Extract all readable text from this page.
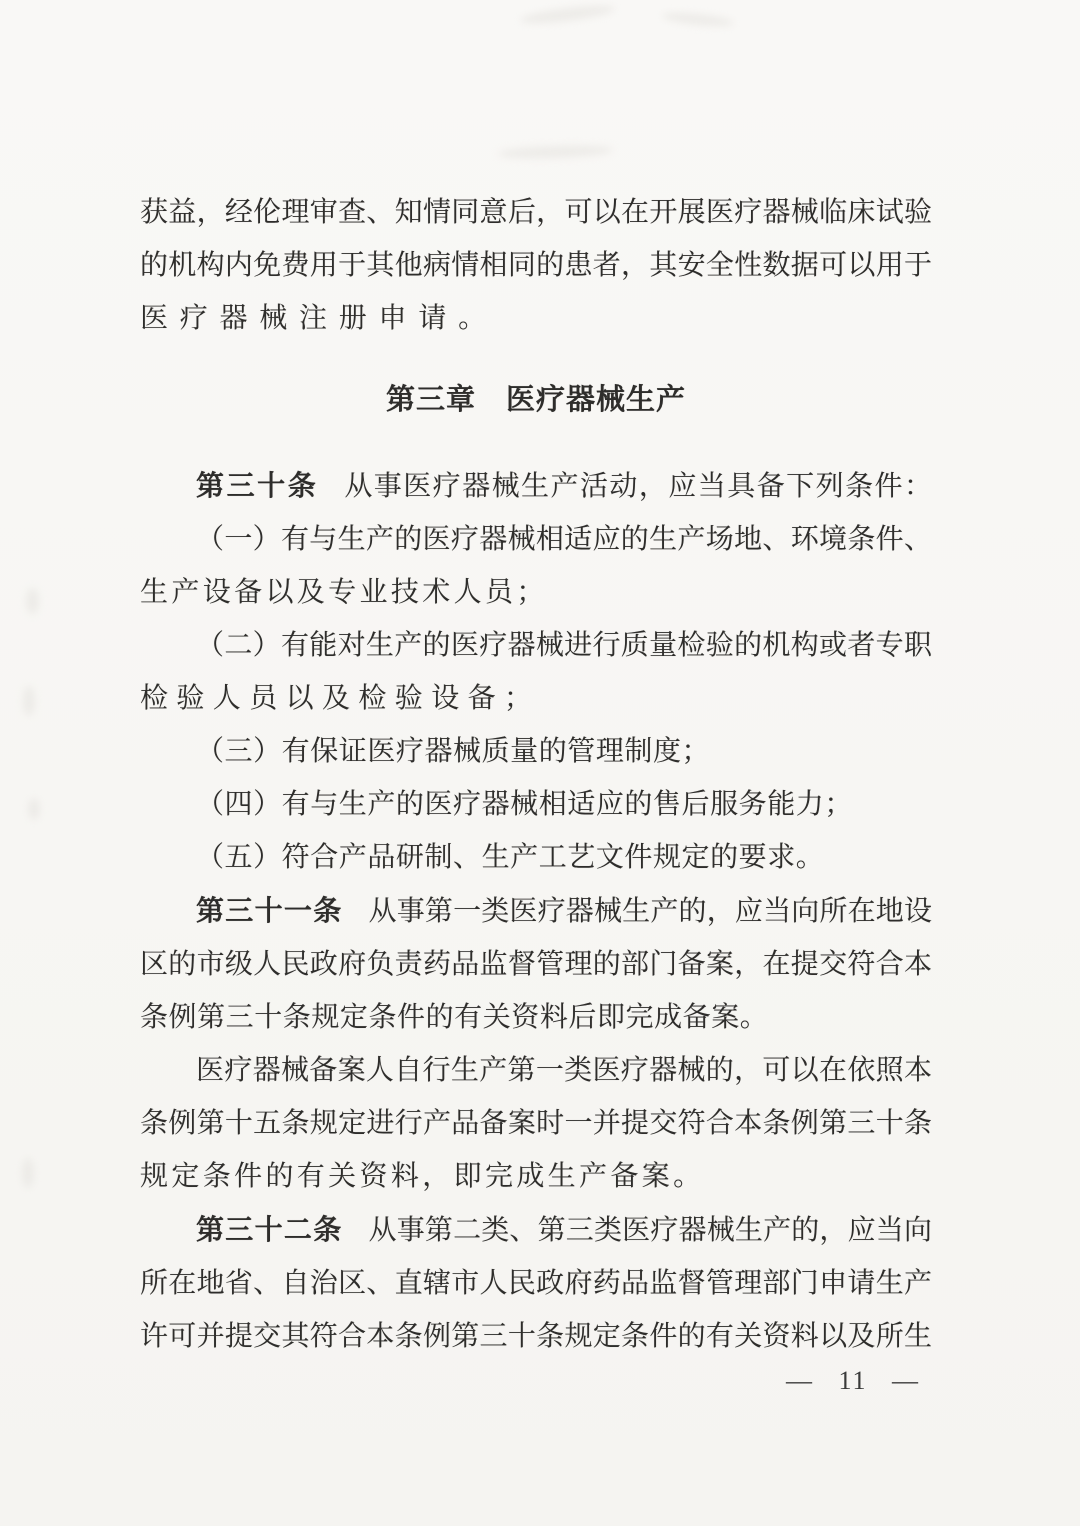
获益，经伦理审查、知情同意后，可以在开展医疗器械临床试验
的机构内免费用于其他病情相同的患者，其安全性数据可以用于
医疗器械注册申请。
第三章　医疗器械生产
第三十条 从事医疗器械生产活动，应当具备下列条件：
（一）有与生产的医疗器械相适应的生产场地、环境条件、
生产设备以及专业技术人员；
（二）有能对生产的医疗器械进行质量检验的机构或者专职
检验人员以及检验设备；
（三）有保证医疗器械质量的管理制度；
（四）有与生产的医疗器械相适应的售后服务能力；
（五）符合产品研制、生产工艺文件规定的要求。
第三十一条 从事第一类医疗器械生产的，应当向所在地设
区的市级人民政府负责药品监督管理的部门备案，在提交符合本
条例第三十条规定条件的有关资料后即完成备案。
医疗器械备案人自行生产第一类医疗器械的，可以在依照本
条例第十五条规定进行产品备案时一并提交符合本条例第三十条
规定条件的有关资料，即完成生产备案。
第三十二条 从事第二类、第三类医疗器械生产的，应当向
所在地省、自治区、直辖市人民政府药品监督管理部门申请生产
许可并提交其符合本条例第三十条规定条件的有关资料以及所生
— 11 —
